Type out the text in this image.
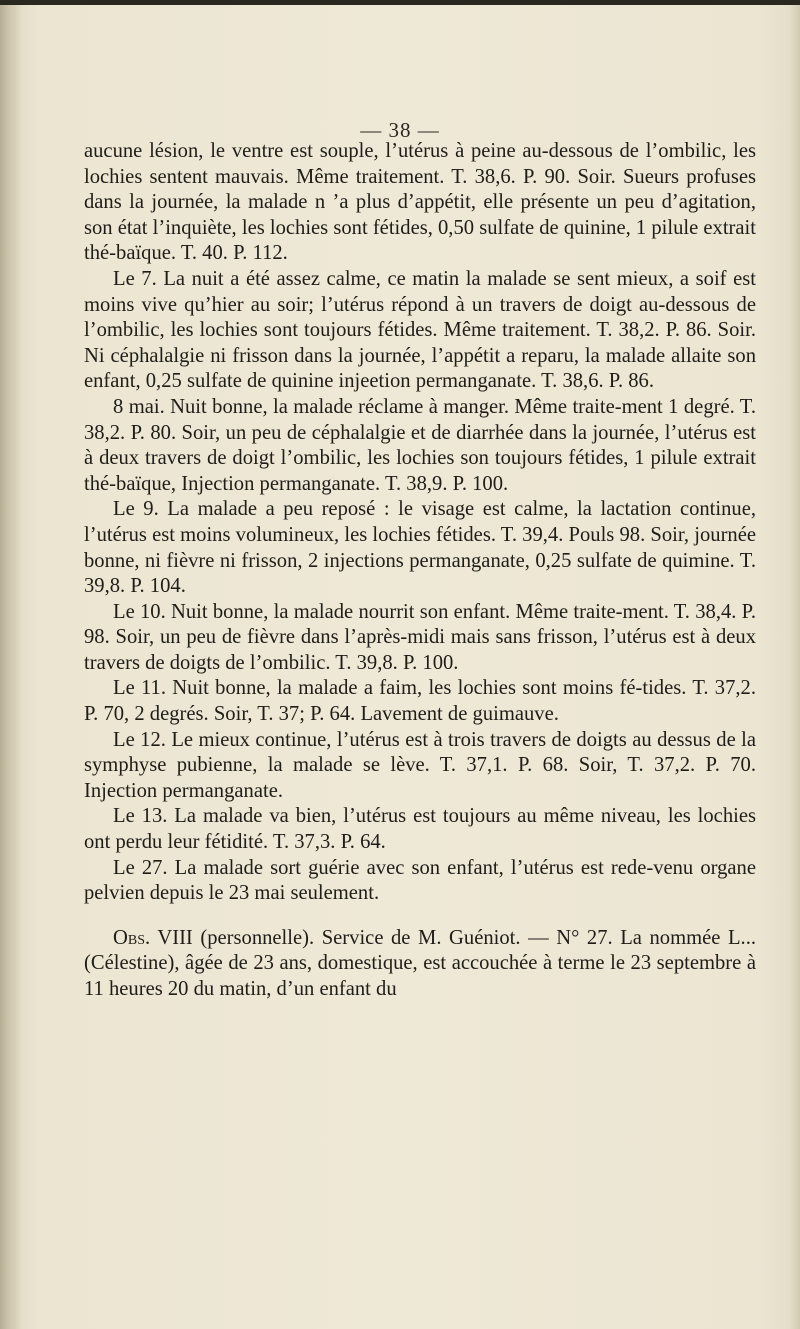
— 38 —

aucune lésion, le ventre est souple, l’utérus à peine au-dessous de l’ombilic, les lochies sentent mauvais. Même traitement. T. 38,6. P. 90. Soir. Sueurs profuses dans la journée, la malade n ’a plus d’appétit, elle présente un peu d’agitation, son état l’inquiète, les lochies sont fétides, 0,50 sulfate de quinine, 1 pilule extrait thé-baïque. T. 40. P. 112.

Le 7. La nuit a été assez calme, ce matin la malade se sent mieux, a soif est moins vive qu’hier au soir; l’utérus répond à un travers de doigt au-dessous de l’ombilic, les lochies sont toujours fétides. Même traitement. T. 38,2. P. 86. Soir. Ni céphalalgie ni frisson dans la journée, l’appétit a reparu, la malade allaite son enfant, 0,25 sulfate de quinine injeetion permanganate. T. 38,6. P. 86.

8 mai. Nuit bonne, la malade réclame à manger. Même traite-ment 1 degré. T. 38,2. P. 80. Soir, un peu de céphalalgie et de diarrhée dans la journée, l’utérus est à deux travers de doigt l’ombilic, les lochies son toujours fétides, 1 pilule extrait thé-baïque, Injection permanganate. T. 38,9. P. 100.

Le 9. La malade a peu reposé : le visage est calme, la lactation continue, l’utérus est moins volumineux, les lochies fétides. T. 39,4. Pouls 98. Soir, journée bonne, ni fièvre ni frisson, 2 injections permanganate, 0,25 sulfate de quimine. T. 39,8. P. 104.

Le 10. Nuit bonne, la malade nourrit son enfant. Même traite-ment. T. 38,4. P. 98. Soir, un peu de fièvre dans l’après-midi mais sans frisson, l’utérus est à deux travers de doigts de l’ombilic. T. 39,8. P. 100.

Le 11. Nuit bonne, la malade a faim, les lochies sont moins fé-tides. T. 37,2. P. 70, 2 degrés. Soir, T. 37; P. 64. Lavement de guimauve.

Le 12. Le mieux continue, l’utérus est à trois travers de doigts au dessus de la symphyse pubienne, la malade se lève. T. 37,1. P. 68. Soir, T. 37,2. P. 70. Injection permanganate.

Le 13. La malade va bien, l’utérus est toujours au même niveau, les lochies ont perdu leur fétidité. T. 37,3. P. 64.

Le 27. La malade sort guérie avec son enfant, l’utérus est rede-venu organe pelvien depuis le 23 mai seulement.

Obs. VIII (personnelle). Service de M. Guéniot. — N° 27. La nommée L... (Célestine), âgée de 23 ans, domestique, est accouchée à terme le 23 septembre à 11 heures 20 du matin, d’un enfant du
